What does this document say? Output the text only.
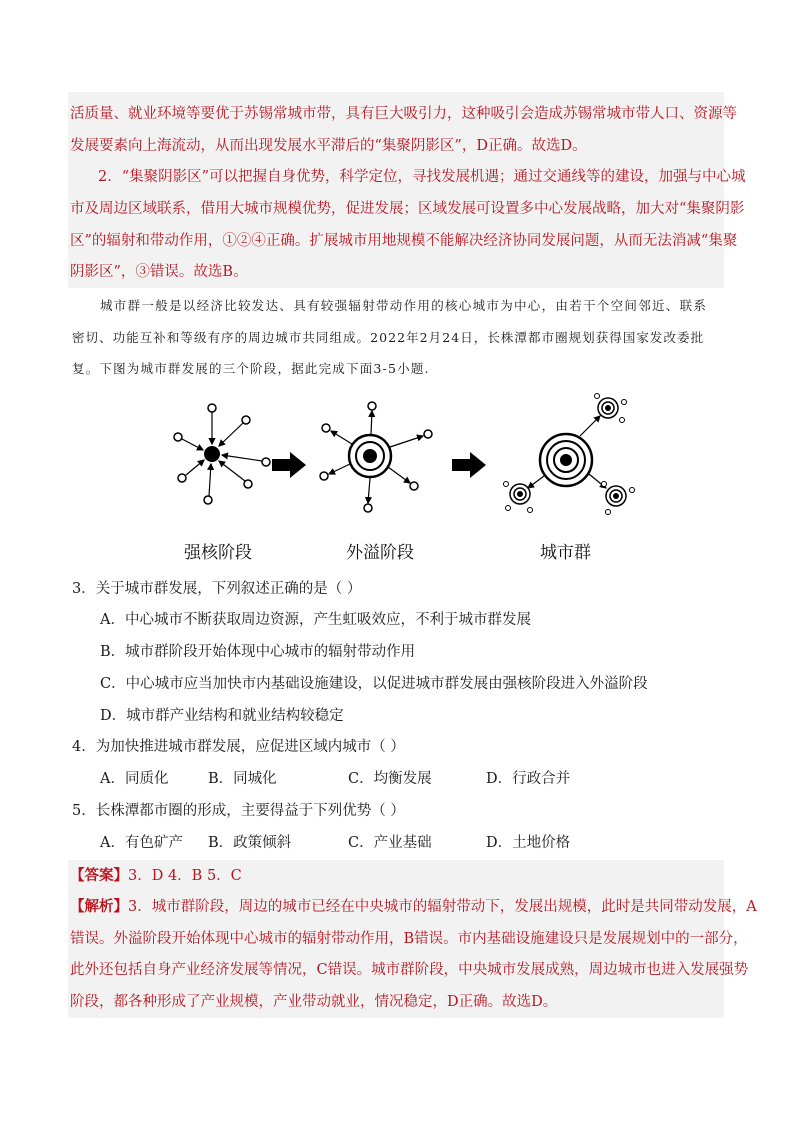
活质量、就业环境等要优于苏锡常城市带，具有巨大吸引力，这种吸引会造成苏锡常城市带人口、资源等
发展要素向上海流动，从而出现发展水平滞后的“集聚阴影区”，D正确。故选D。
2．“集聚阴影区”可以把握自身优势，科学定位，寻找发展机遇；通过交通线等的建设，加强与中心城
市及周边区域联系，借用大城市规模优势，促进发展；区域发展可设置多中心发展战略，加大对“集聚阴影
区”的辐射和带动作用，①②④正确。扩展城市用地规模不能解决经济协同发展问题，从而无法消减“集聚
阴影区”，③错误。故选B。
城市群一般是以经济比较发达、具有较强辐射带动作用的核心城市为中心，由若干个空间邻近、联系
密切、功能互补和等级有序的周边城市共同组成。2022年2月24日，长株潭都市圈规划获得国家发改委批
复。下图为城市群发展的三个阶段，据此完成下面3-5小题.
强核阶段	外溢阶段	城市群
3．关于城市群发展，下列叙述正确的是（ ）
A．中心城市不断获取周边资源，产生虹吸效应，不利于城市群发展
B．城市群阶段开始体现中心城市的辐射带动作用
C．中心城市应当加快市内基础设施建设，以促进城市群发展由强核阶段进入外溢阶段
D．城市群产业结构和就业结构较稳定
4．为加快推进城市群发展，应促进区域内城市（ ）
A．同质化	B．同城化	C．均衡发展	D．行政合并
5．长株潭都市圈的形成，主要得益于下列优势（ ）
A．有色矿产 B．政策倾斜	C．产业基础	D．土地价格
【答案】3．D 4．B 5．C
【解析】3．城市群阶段，周边的城市已经在中央城市的辐射带动下，发展出规模，此时是共同带动发展，A
错误。外溢阶段开始体现中心城市的辐射带动作用，B错误。市内基础设施建设只是发展规划中的一部分，
此外还包括自身产业经济发展等情况，C错误。城市群阶段，中央城市发展成熟，周边城市也进入发展强势
阶段，都各种形成了产业规模，产业带动就业，情况稳定，D正确。故选D。
